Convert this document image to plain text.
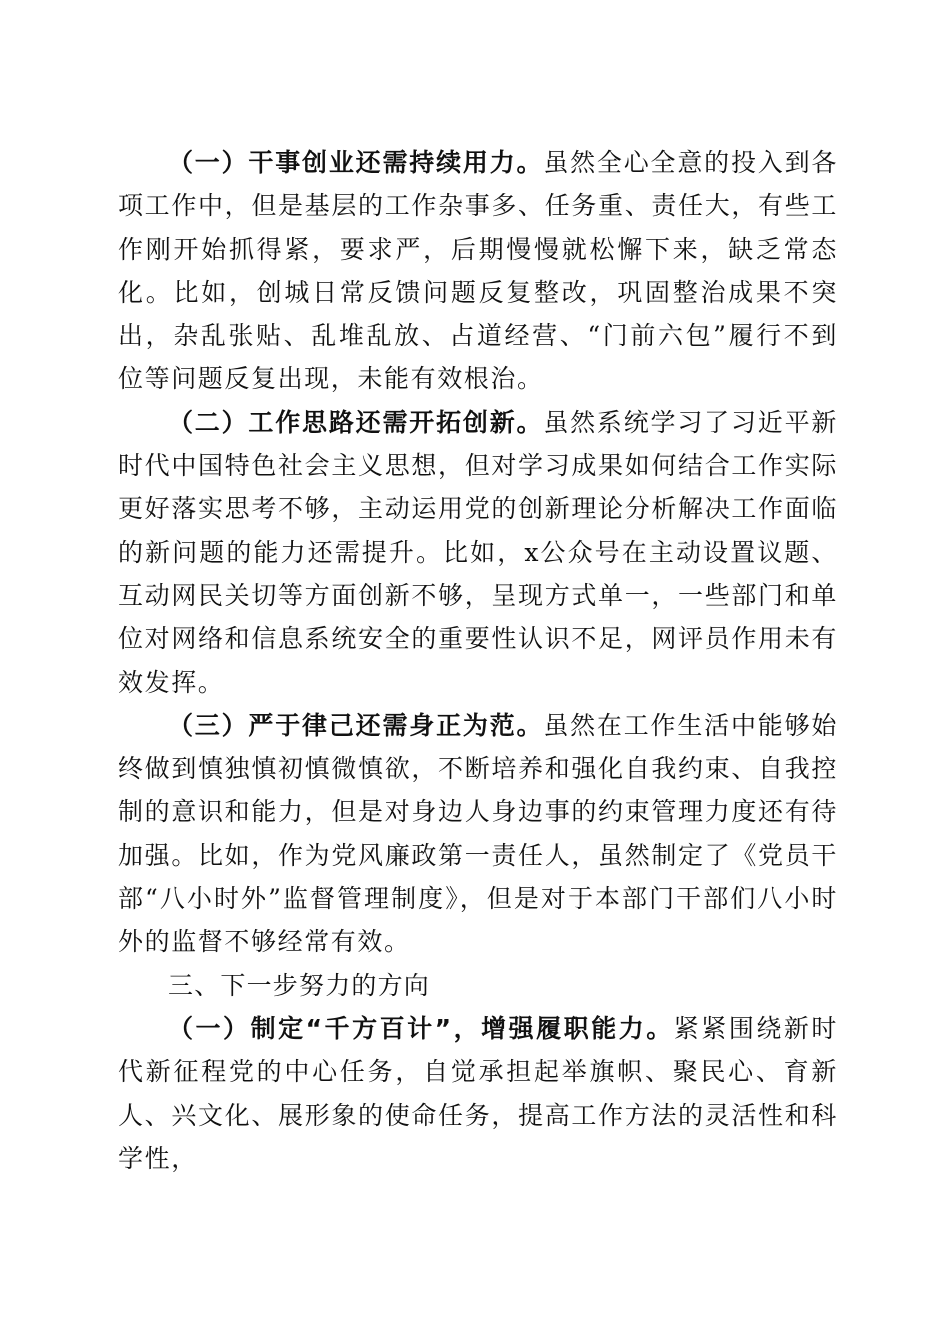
（一）干事创业还需持续用力。虽然全心全意的投入到各项工作中，但是基层的工作杂事多、任务重、责任大，有些工作刚开始抓得紧，要求严，后期慢慢就松懈下来，缺乏常态化。比如，创城日常反馈问题反复整改，巩固整治成果不突出，杂乱张贴、乱堆乱放、占道经营、“门前六包”履行不到位等问题反复出现，未能有效根治。

（二）工作思路还需开拓创新。虽然系统学习了习近平新时代中国特色社会主义思想，但对学习成果如何结合工作实际更好落实思考不够，主动运用党的创新理论分析解决工作面临的新问题的能力还需提升。比如，x公众号在主动设置议题、互动网民关切等方面创新不够，呈现方式单一，一些部门和单位对网络和信息系统安全的重要性认识不足，网评员作用未有效发挥。

（三）严于律己还需身正为范。虽然在工作生活中能够始终做到慎独慎初慎微慎欲，不断培养和强化自我约束、自我控制的意识和能力，但是对身边人身边事的约束管理力度还有待加强。比如，作为党风廉政第一责任人，虽然制定了《党员干部“八小时外”监督管理制度》，但是对于本部门干部们八小时外的监督不够经常有效。

三、下一步努力的方向

（一）制定“千方百计”，增强履职能力。紧紧围绕新时代新征程党的中心任务，自觉承担起举旗帜、聚民心、育新人、兴文化、展形象的使命任务，提高工作方法的灵活性和科学性，
